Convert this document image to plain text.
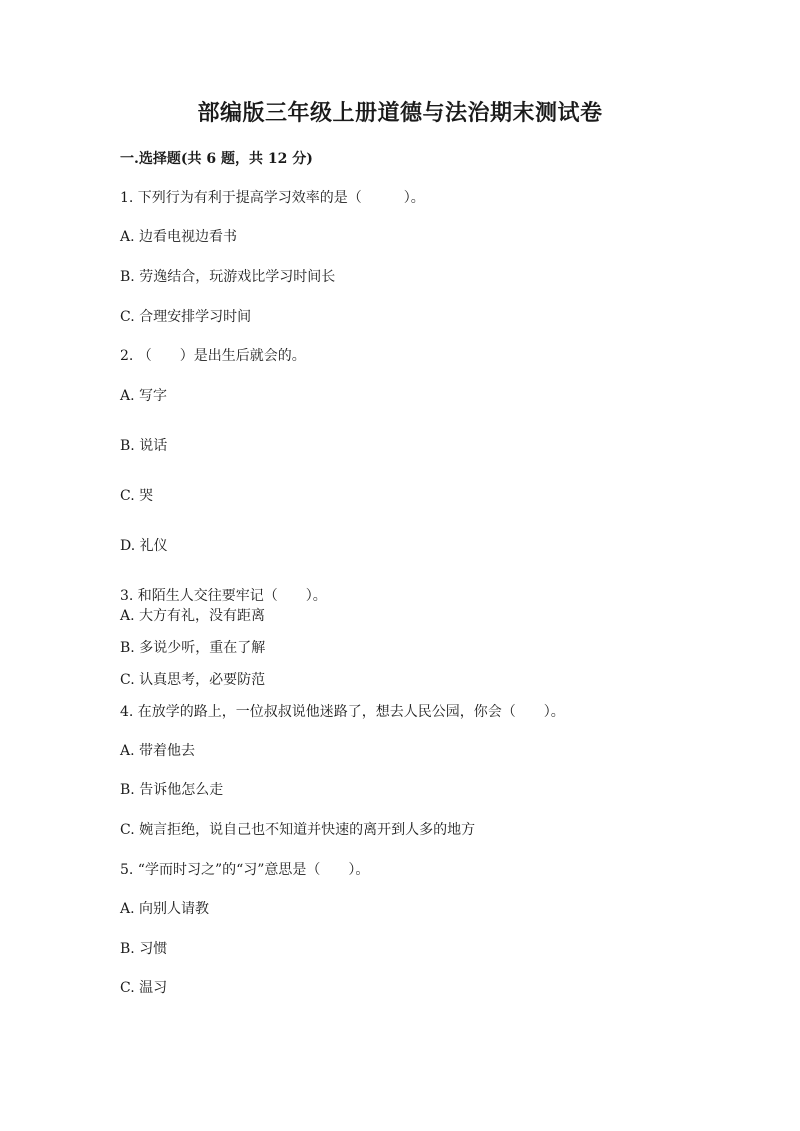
部编版三年级上册道德与法治期末测试卷
一.选择题(共 6 题，共 12 分)
1. 下列行为有利于提高学习效率的是（　　　）。
A. 边看电视边看书
B. 劳逸结合，玩游戏比学习时间长
C. 合理安排学习时间
2. （　　）是出生后就会的。
A. 写字
B. 说话
C. 哭
D. 礼仪
3. 和陌生人交往要牢记（　　）。
A. 大方有礼，没有距离
B. 多说少听，重在了解
C. 认真思考，必要防范
4. 在放学的路上，一位叔叔说他迷路了，想去人民公园，你会（　　）。
A. 带着他去
B. 告诉他怎么走
C. 婉言拒绝，说自己也不知道并快速的离开到人多的地方
5. “学而时习之”的“习”意思是（　　）。
A. 向别人请教
B. 习惯
C. 温习
